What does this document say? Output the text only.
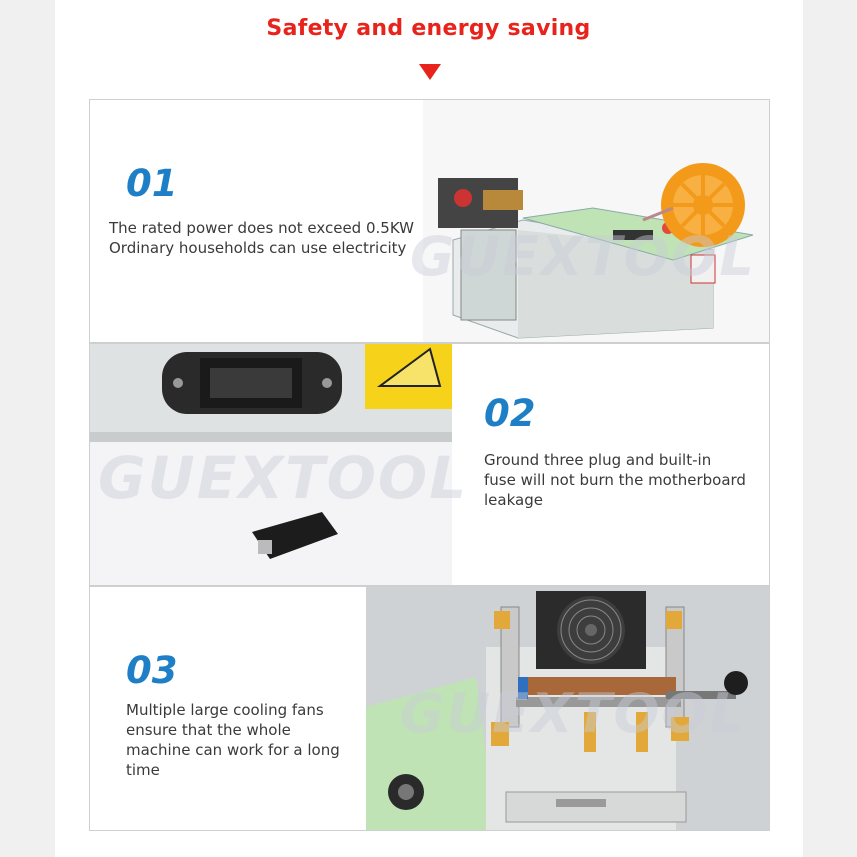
Safety and energy saving
01
The rated power does not exceed 0.5KW
Ordinary households can use electricity GUEXTOOL
GUEXTOOL
02
Ground three plug and built-in
fuse will not burn the motherboard
leakage
03
Multiple large cooling fans
ensure that the whole
machine can work for a long
time
GUEXTOOL
